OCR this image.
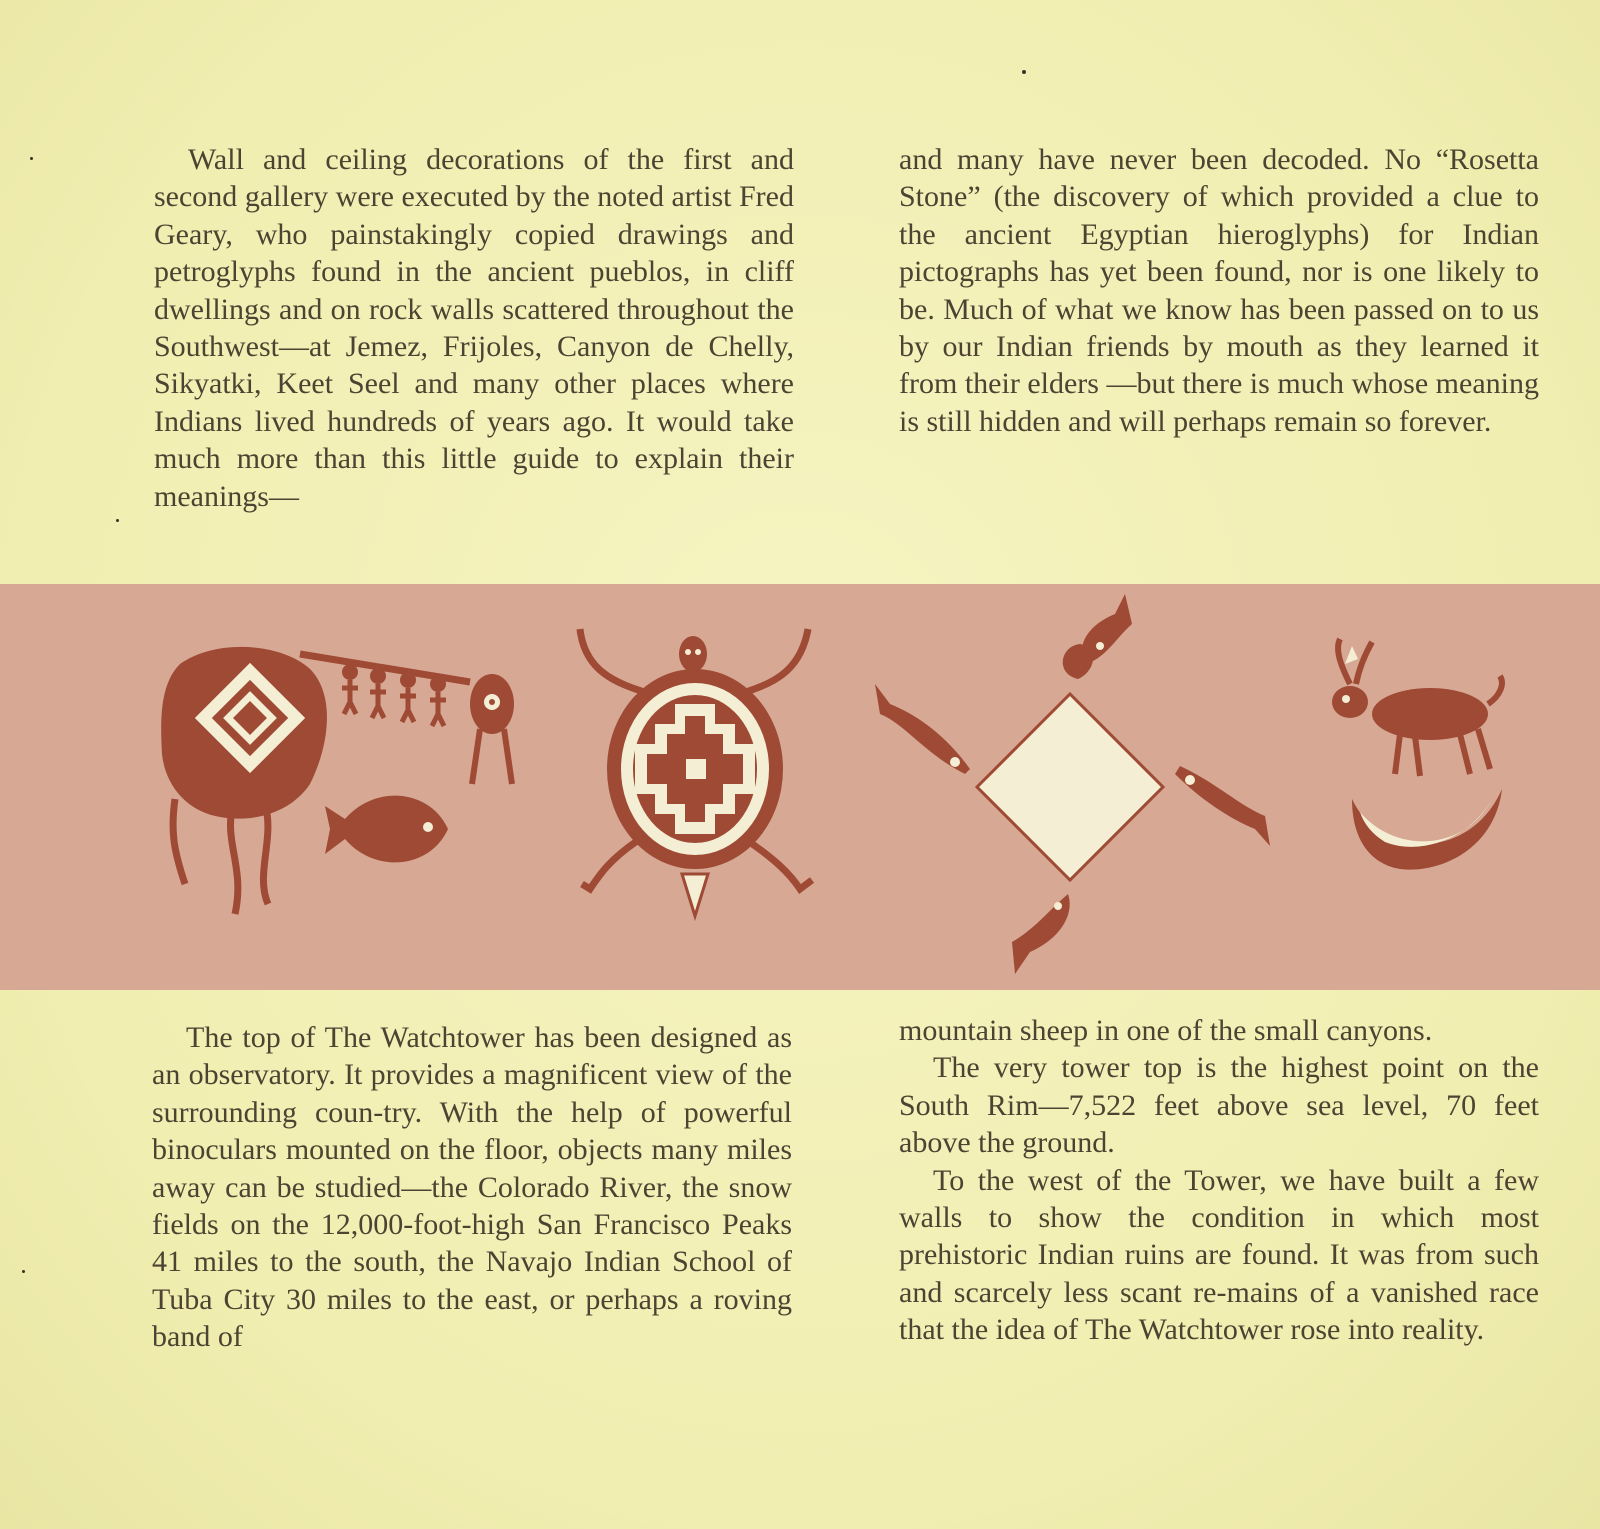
Wall and ceiling decorations of the first and second gallery were executed by the noted artist Fred Geary, who painstakingly copied drawings and petroglyphs found in the ancient pueblos, in cliff dwellings and on rock walls scattered throughout the Southwest—at Jemez, Frijoles, Canyon de Chelly, Sikyatki, Keet Seel and many other places where Indians lived hundreds of years ago. It would take much more than this little guide to explain their meanings—

and many have never been decoded. No “Rosetta Stone” (the discovery of which provided a clue to the ancient Egyptian hieroglyphs) for Indian pictographs has yet been found, nor is one likely to be. Much of what we know has been passed on to us by our Indian friends by mouth as they learned it from their elders —but there is much whose meaning is still hidden and will perhaps remain so forever.

The top of The Watchtower has been designed as an observatory. It provides a magnificent view of the surrounding coun-try. With the help of powerful binoculars mounted on the floor, objects many miles away can be studied—the Colorado River, the snow fields on the 12,000-foot-high San Francisco Peaks 41 miles to the south, the Navajo Indian School of Tuba City 30 miles to the east, or perhaps a roving band of

mountain sheep in one of the small canyons.

The very tower top is the highest point on the South Rim—7,522 feet above sea level, 70 feet above the ground.

To the west of the Tower, we have built a few walls to show the condition in which most prehistoric Indian ruins are found. It was from such and scarcely less scant re-mains of a vanished race that the idea of The Watchtower rose into reality.
